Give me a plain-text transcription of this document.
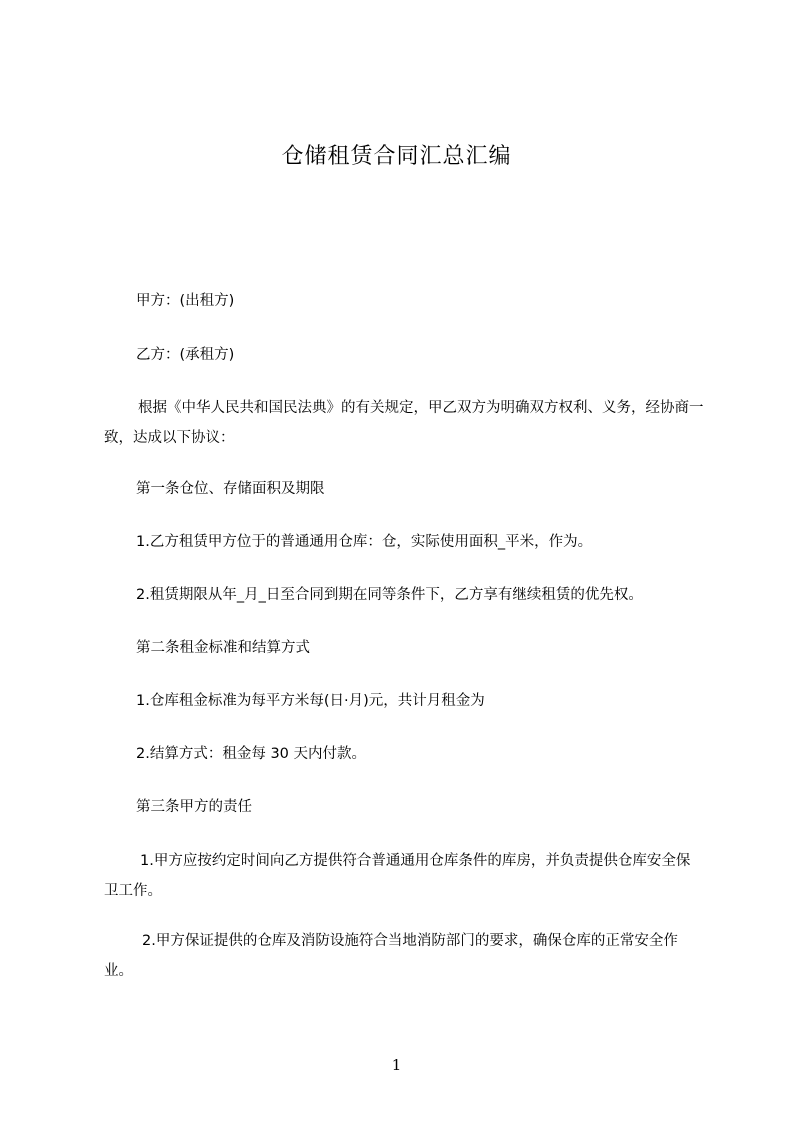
仓储租赁合同汇总汇编
甲方：(出租方)
乙方：(承租方)
根据《中华人民共和国民法典》的有关规定，甲乙双方为明确双方权利、义务，经协商一致，达成以下协议：
第一条仓位、存储面积及期限
1.乙方租赁甲方位于的普通通用仓库：仓，实际使用面积_平米，作为。
2.租赁期限从年_月_日至合同到期在同等条件下，乙方享有继续租赁的优先权。
第二条租金标准和结算方式
1.仓库租金标准为每平方米每(日·月)元，共计月租金为
2.结算方式：租金每 30 天内付款。
第三条甲方的责任
1.甲方应按约定时间向乙方提供符合普通通用仓库条件的库房，并负责提供仓库安全保卫工作。
2.甲方保证提供的仓库及消防设施符合当地消防部门的要求，确保仓库的正常安全作业。
1
